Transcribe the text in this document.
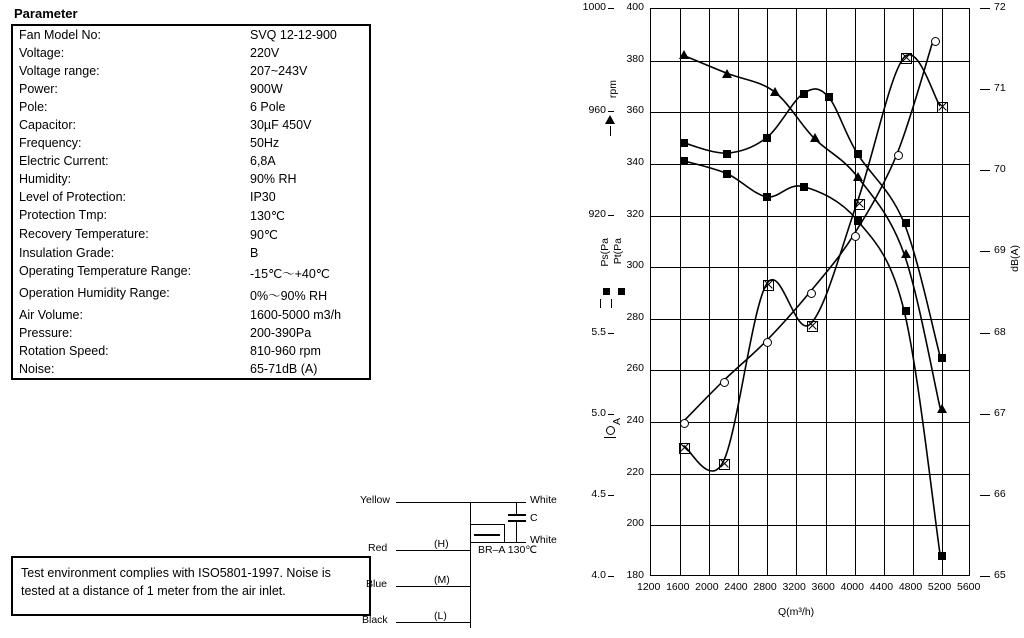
Parameter
Fan Model No:	SVQ 12-12-900
Voltage:	220V
Voltage range:	207~243V
Power:	900W
Pole:	6 Pole
Capacitor:	30µF 450V
Frequency:	50Hz
Electric Current:	6,8A
Humidity:	90% RH
Level of Protection:	IP30
Protection Tmp:	130℃
Recovery Temperature:	90℃
Insulation Grade:	B
Operating Temperature Range:	-15℃～+40℃
Operation Humidity Range:	0%～90% RH
Air Volume:	1600-5000 m3/h
Pressure:	200-390Pa
Rotation Speed:	810-960 rpm
Noise:	65-71dB (A)
Test environment complies with ISO5801-1997. Noise is tested at a distance of 1 meter from the air inlet.
Yellow
Red
Blue
Black
White
White
C
BR–A 130℃
(H)
(M)
(L)
1200 1600 2000 2400 2800 3200 3600 4000 4400 4800 5200 5600
180
200
220
240
260
280
300
320
340
360
380
400
920
960
1000
4.0
4.5
5.0
5.5
65
66
67
68
69
70
71
72
rpm
Ps(Pa Pt(Pa

A
dB(A)
Q(m³/h)
